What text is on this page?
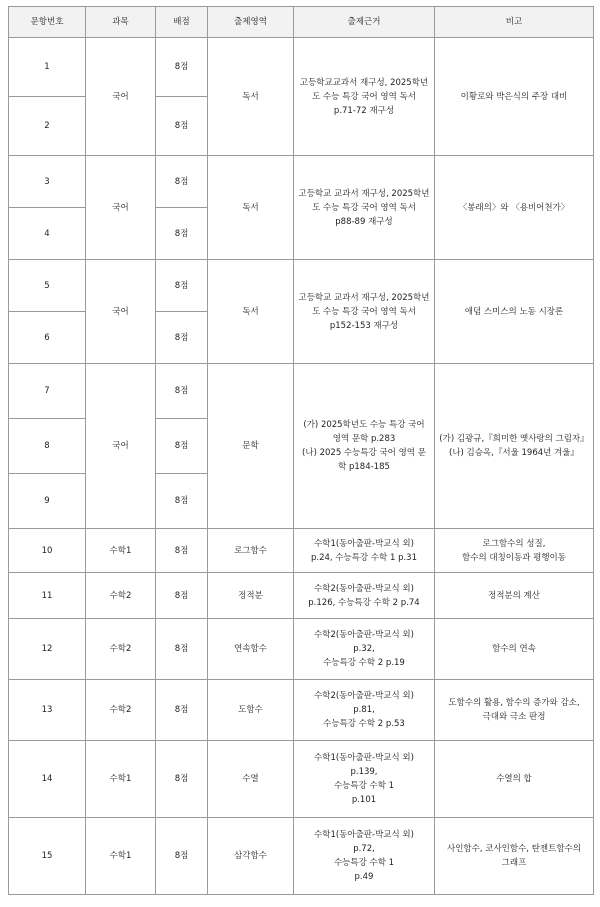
문항번호	과목	배점	출제영역	출제근거	비고
1	국어	8점	독서	고등학교교과서 재구성, 2025학년도 수능 특강 국어 영역 독서
p.71-72 재구성	이황로와 박은식의 주장 대비
2		8점			
3	국어	8점	독서	고등학교 교과서 재구성, 2025학년도 수능 특강 국어 영역 독서
p88-89 재구성	〈봉래의〉와 〈용비어천가〉
4		8점			
5	국어	8점	독서	고등학교 교과서 재구성, 2025학년도 수능 특강 국어 영역 독서
p152-153 재구성	애덤 스미스의 노동 시장론
6		8점			
7	국어	8점	문학	(가) 2025학년도 수능 특강 국어 영역 문학 p.283
(나) 2025 수능특강 국어 영역 문학 p184-185	(가) 김광규,『희미한 옛사랑의 그림자』
(나) 김승옥,『서울 1964년 겨울』
8		8점			
9		8점			
10	수학1	8점	로그함수	수학1(동아출판-박교식 외)
p.24, 수능특강 수학 1 p.31	로그함수의 성질,
함수의 대칭이동과 평행이동
11	수학2	8점	정적분	수학2(동아출판-박교식 외)
p.126, 수능특강 수학 2 p.74	정적분의 계산
12	수학2	8점	연속함수	수학2(동아출판-박교식 외)
p.32,
수능특강 수학 2 p.19	함수의 연속
13	수학2	8점	도함수	수학2(동아출판-박교식 외)
p.81,
수능특강 수학 2 p.53	도함수의 활용, 함수의 증가와 감소,
극대와 극소 판정
14	수학1	8점	수열	수학1(동아출판-박교식 외)
p.139,
수능특강 수학 1
p.101	수열의 합
15	수학1	8점	삼각함수	수학1(동아출판-박교식 외)
p.72,
수능특강 수학 1
p.49	사인함수, 코사인함수, 탄젠트함수의
그래프
